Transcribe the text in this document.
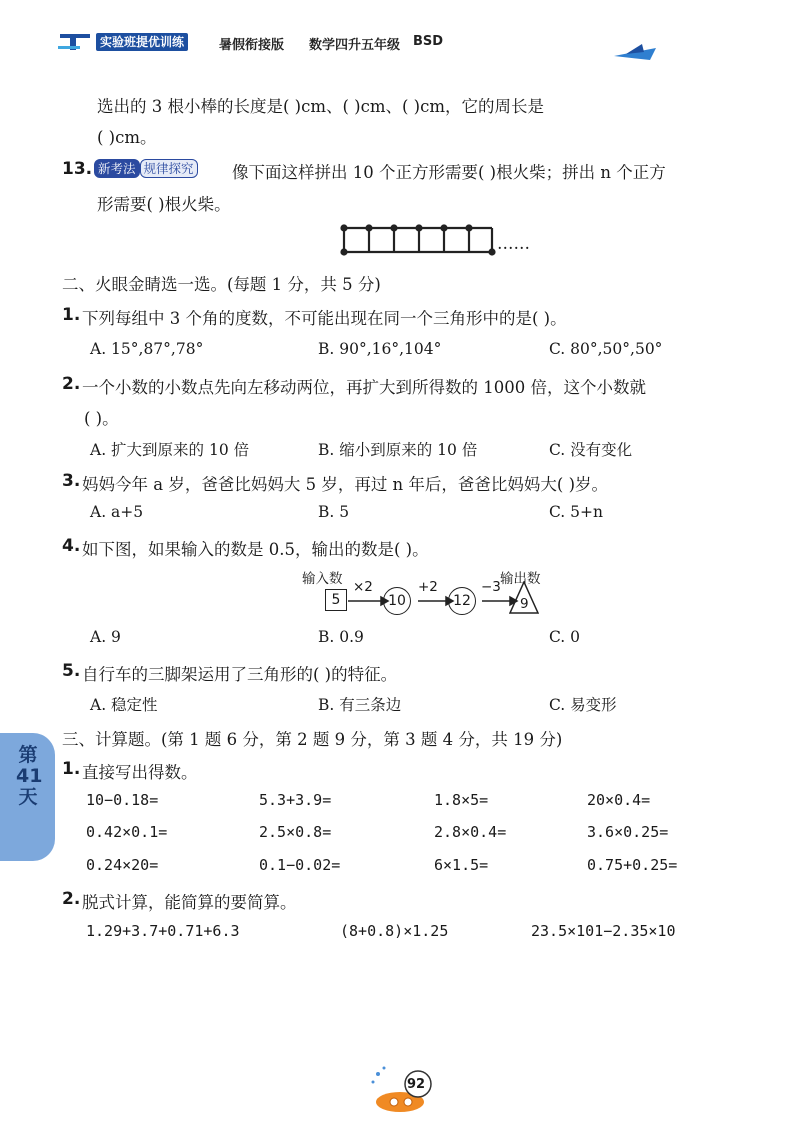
实验班提优训练	暑假衔接版 数学四升五年级 BSD
选出的 3 根小棒的长度是( )cm、( )cm、( )cm，它的周长是
( )cm。
13. 新考法 规律探究 像下面这样拼出 10 个正方形需要( )根火柴；拼出 n 个正方
形需要( )根火柴。
……
二、火眼金睛选一选。(每题 1 分，共 5 分)
1. 下列每组中 3 个角的度数，不可能出现在同一个三角形中的是( )。
A. 15°,87°,78°	B. 90°,16°,104°	C. 80°,50°,50°
2. 一个小数的小数点先向左移动两位，再扩大到所得数的 1000 倍，这个小数就
( )。
A. 扩大到原来的 10 倍	B. 缩小到原来的 10 倍	C. 没有变化
3. 妈妈今年 a 岁，爸爸比妈妈大 5 岁，再过 n 年后，爸爸比妈妈大( )岁。
A. a+5	B. 5	C. 5+n
4. 如下图，如果输入的数是 0.5，输出的数是( )。
输入数	输出数
5
×2
10
+2
12
−3
9
A. 9	B. 0.9	C. 0
5. 自行车的三脚架运用了三角形的( )的特征。
A. 稳定性	B. 有三条边	C. 易变形
第41天
三、计算题。(第 1 题 6 分，第 2 题 9 分，第 3 题 4 分，共 19 分)
1. 直接写出得数。
10−0.18=	5.3+3.9=	1.8×5=	20×0.4=
0.42×0.1=	2.5×0.8=	2.8×0.4=	3.6×0.25=
0.24×20=	0.1−0.02=	6×1.5=	0.75+0.25=
2. 脱式计算，能简算的要简算。
1.29+3.7+0.71+6.3	(8+0.8)×1.25	23.5×101−2.35×10
92
